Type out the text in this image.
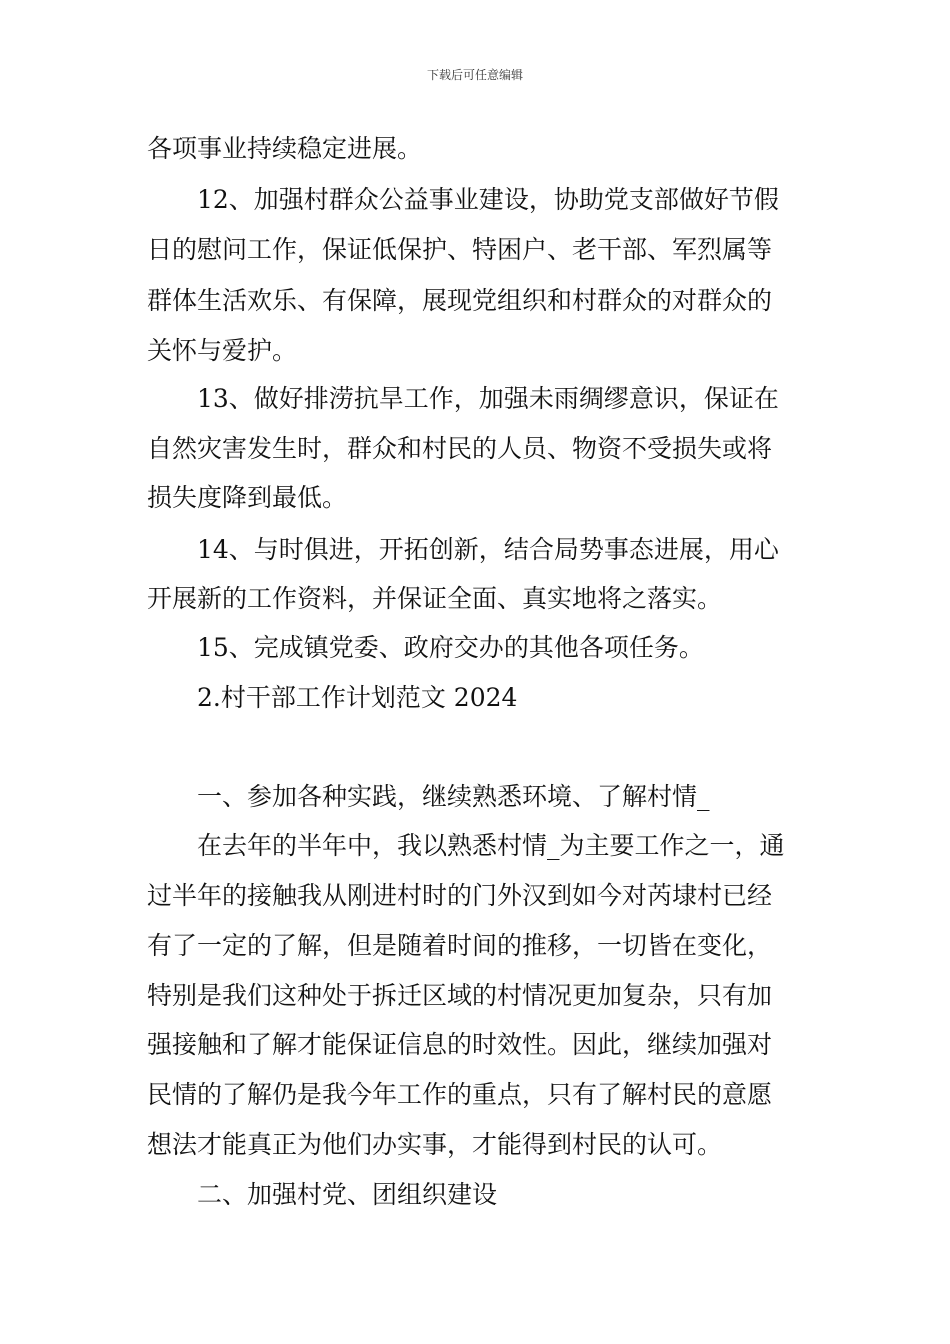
下载后可任意编辑
各项事业持续稳定进展。
12、加强村群众公益事业建设，协助党支部做好节假
日的慰问工作，保证低保护、特困户、老干部、军烈属等
群体生活欢乐、有保障，展现党组织和村群众的对群众的
关怀与爱护。
13、做好排涝抗旱工作，加强未雨绸缪意识，保证在
自然灾害发生时，群众和村民的人员、物资不受损失或将
损失度降到最低。
14、与时俱进，开拓创新，结合局势事态进展，用心
开展新的工作资料，并保证全面、真实地将之落实。
15、完成镇党委、政府交办的其他各项任务。
2.村干部工作计划范文 2024
一、参加各种实践，继续熟悉环境、了解村情_
在去年的半年中，我以熟悉村情_为主要工作之一，通
过半年的接触我从刚进村时的门外汉到如今对芮埭村已经
有了一定的了解，但是随着时间的推移，一切皆在变化，
特别是我们这种处于拆迁区域的村情况更加复杂，只有加
强接触和了解才能保证信息的时效性。因此，继续加强对
民情的了解仍是我今年工作的重点，只有了解村民的意愿
想法才能真正为他们办实事，才能得到村民的认可。
二、加强村党、团组织建设
